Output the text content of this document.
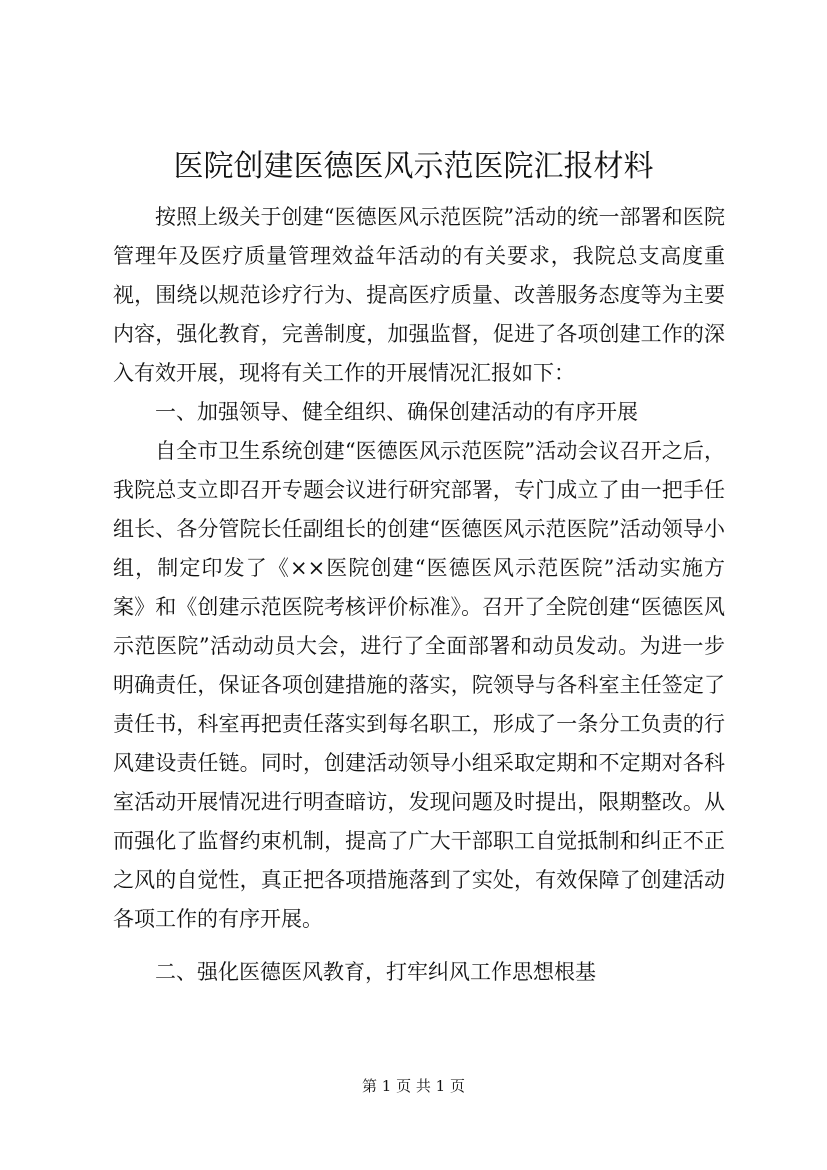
医院创建医德医风示范医院汇报材料

按照上级关于创建“医德医风示范医院”活动的统一部署和医院管理年及医疗质量管理效益年活动的有关要求，我院总支高度重视，围绕以规范诊疗行为、提高医疗质量、改善服务态度等为主要内容，强化教育，完善制度，加强监督，促进了各项创建工作的深入有效开展，现将有关工作的开展情况汇报如下：

一、加强领导、健全组织、确保创建活动的有序开展

自全市卫生系统创建“医德医风示范医院”活动会议召开之后，我院总支立即召开专题会议进行研究部署，专门成立了由一把手任组长、各分管院长任副组长的创建“医德医风示范医院”活动领导小组，制定印发了《××医院创建“医德医风示范医院”活动实施方案》和《创建示范医院考核评价标准》。召开了全院创建“医德医风示范医院”活动动员大会，进行了全面部署和动员发动。为进一步明确责任，保证各项创建措施的落实，院领导与各科室主任签定了责任书，科室再把责任落实到每名职工，形成了一条分工负责的行风建设责任链。同时，创建活动领导小组采取定期和不定期对各科室活动开展情况进行明查暗访，发现问题及时提出，限期整改。从而强化了监督约束机制，提高了广大干部职工自觉抵制和纠正不正之风的自觉性，真正把各项措施落到了实处，有效保障了创建活动各项工作的有序开展。

二、强化医德医风教育，打牢纠风工作思想根基

第 1 页 共 1 页
